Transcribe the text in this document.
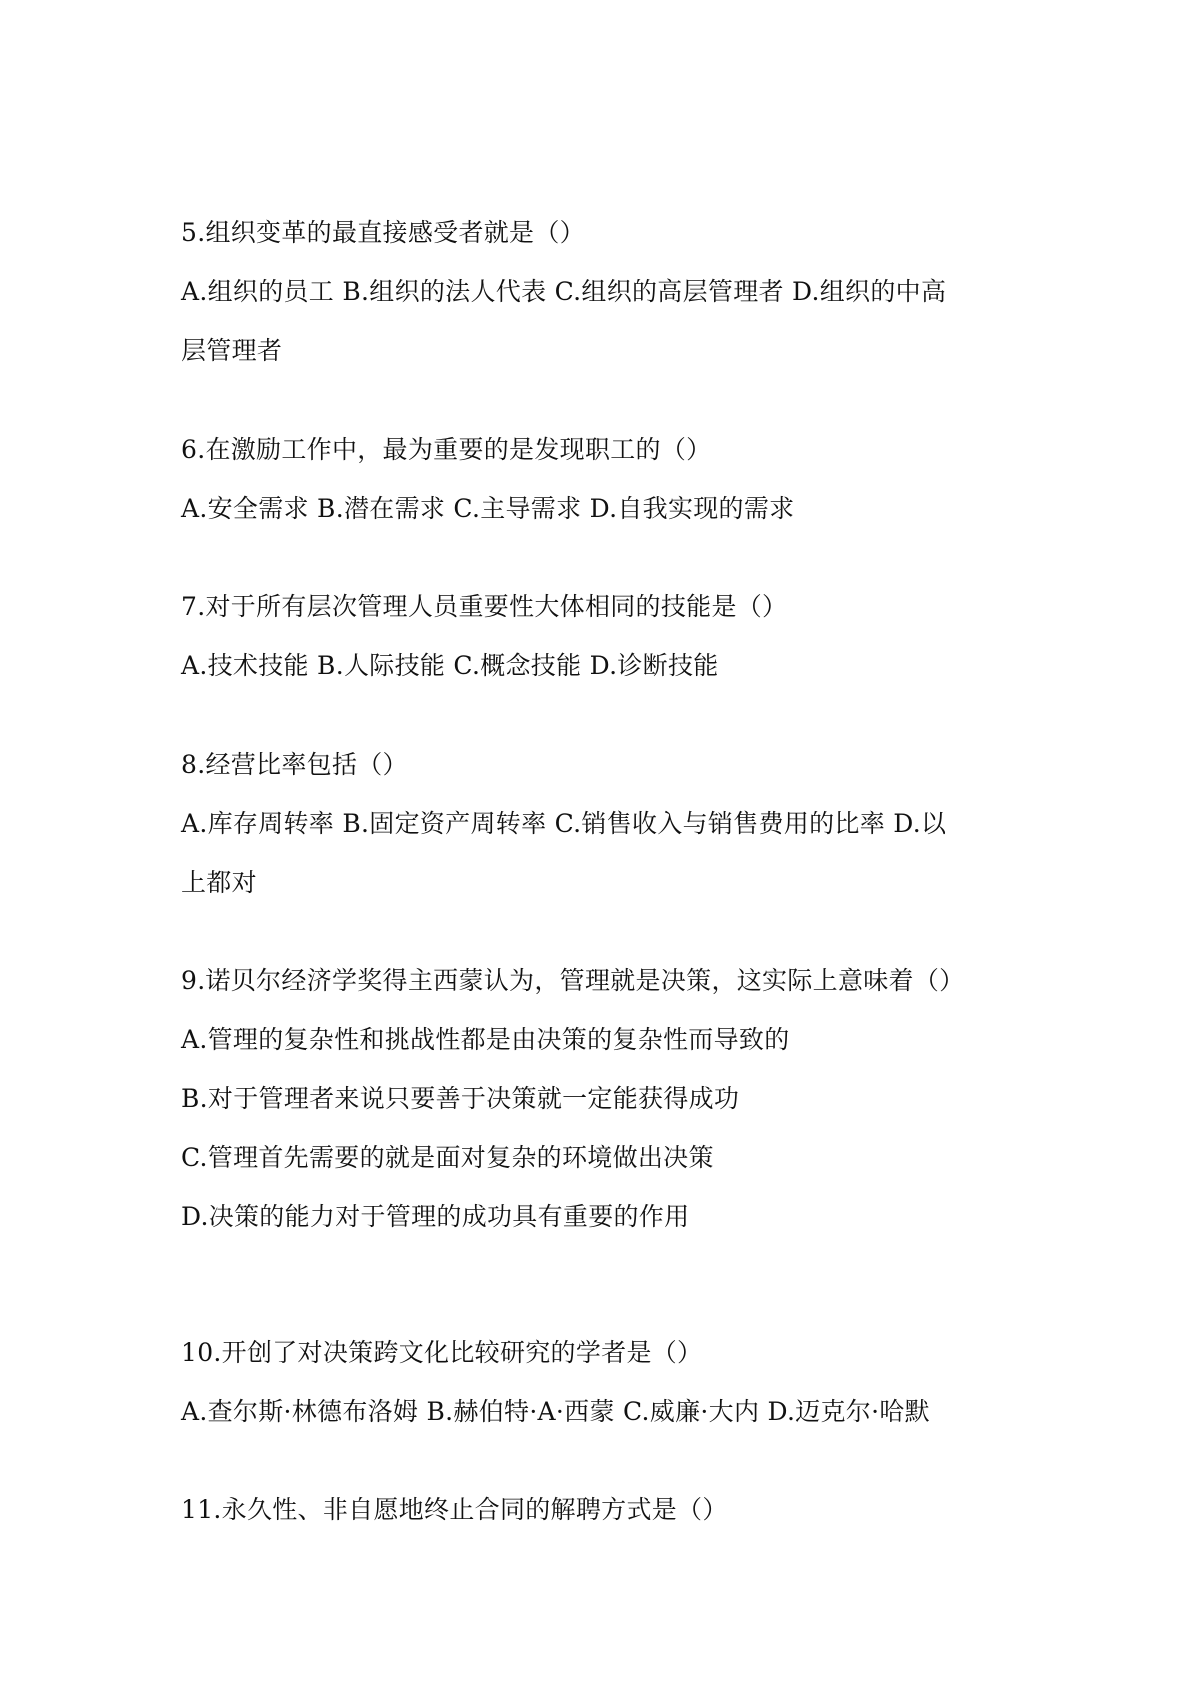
5.组织变革的最直接感受者就是（）
A.组织的员工 B.组织的法人代表 C.组织的高层管理者 D.组织的中高
层管理者
6.在激励工作中，最为重要的是发现职工的（）
A.安全需求 B.潜在需求 C.主导需求 D.自我实现的需求
7.对于所有层次管理人员重要性大体相同的技能是（）
A.技术技能 B.人际技能 C.概念技能 D.诊断技能
8.经营比率包括（）
A.库存周转率 B.固定资产周转率 C.销售收入与销售费用的比率 D.以
上都对
9.诺贝尔经济学奖得主西蒙认为，管理就是决策，这实际上意味着（）
A.管理的复杂性和挑战性都是由决策的复杂性而导致的
B.对于管理者来说只要善于决策就一定能获得成功
C.管理首先需要的就是面对复杂的环境做出决策
D.决策的能力对于管理的成功具有重要的作用
10.开创了对决策跨文化比较研究的学者是（）
A.查尔斯·林德布洛姆 B.赫伯特·A·西蒙 C.威廉·大内 D.迈克尔·哈默
11.永久性、非自愿地终止合同的解聘方式是（）
